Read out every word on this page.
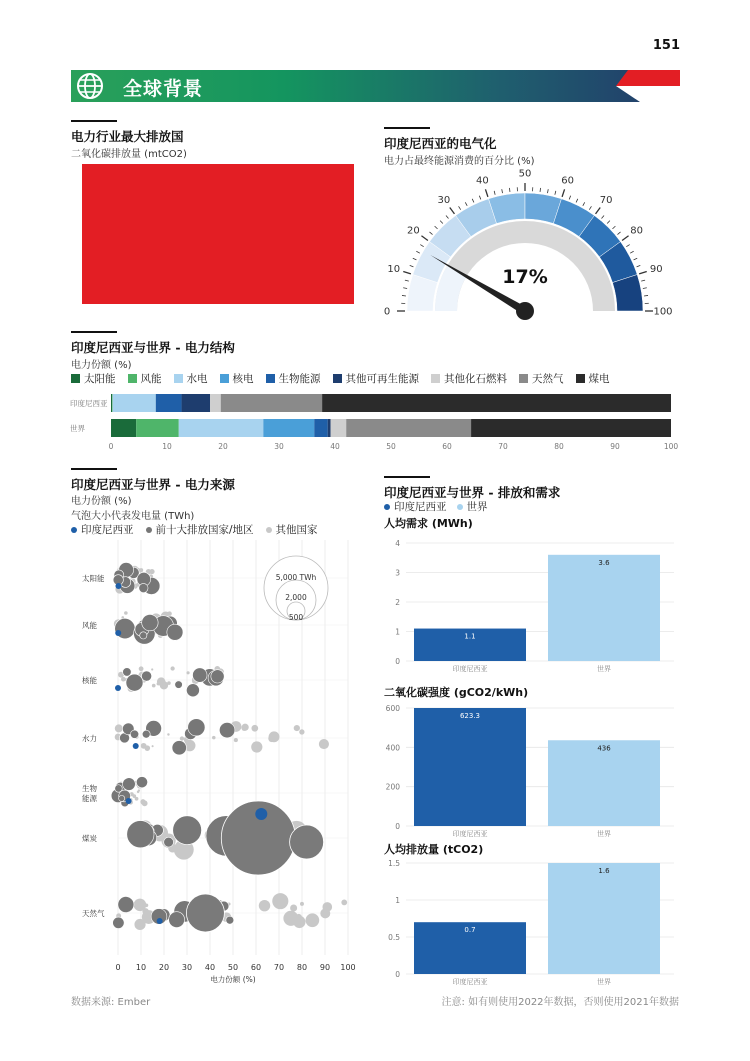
151
全球背景
电力行业最大排放国
二氧化碳排放量 (mtCO2)
印度尼西亚的电气化
电力占最终能源消费的百分比 (%)
0
10
20
30
40
50
60
70
80
90
100
17%
印度尼西亚与世界 - 电力结构
电力份额 (%)
太阳能 风能 水电 核电 生物能源 其他可再生能源 其他化石燃料 天然气 煤电
印度尼西亚
世界
0	10	20	30	40	50	60	70	80	90	100
印度尼西亚与世界 - 电力来源
电力份额 (%)
气泡大小代表发电量 (TWh)
印度尼西亚 前十大排放国家/地区 其他国家
太阳能
风能
核能
水力
生物
能源
煤炭
天然气
5,000 TWh
2,000
500
0 10 20 30 40 50 60 70 80 90 100
电力份额 (%)
印度尼西亚与世界 - 排放和需求
印度尼西亚 世界
人均需求 (MWh)
0
1
2
3
4
1.1
印度尼西亚
3.6
世界
二氧化碳强度 (gCO2/kWh)
0
200
400
600
623.3
印度尼西亚
436
世界
人均排放量 (tCO2)
0
0.5
1
1.5
0.7
印度尼西亚
1.6
世界
数据来源: Ember	注意: 如有则使用2022年数据，否则使用2021年数据
